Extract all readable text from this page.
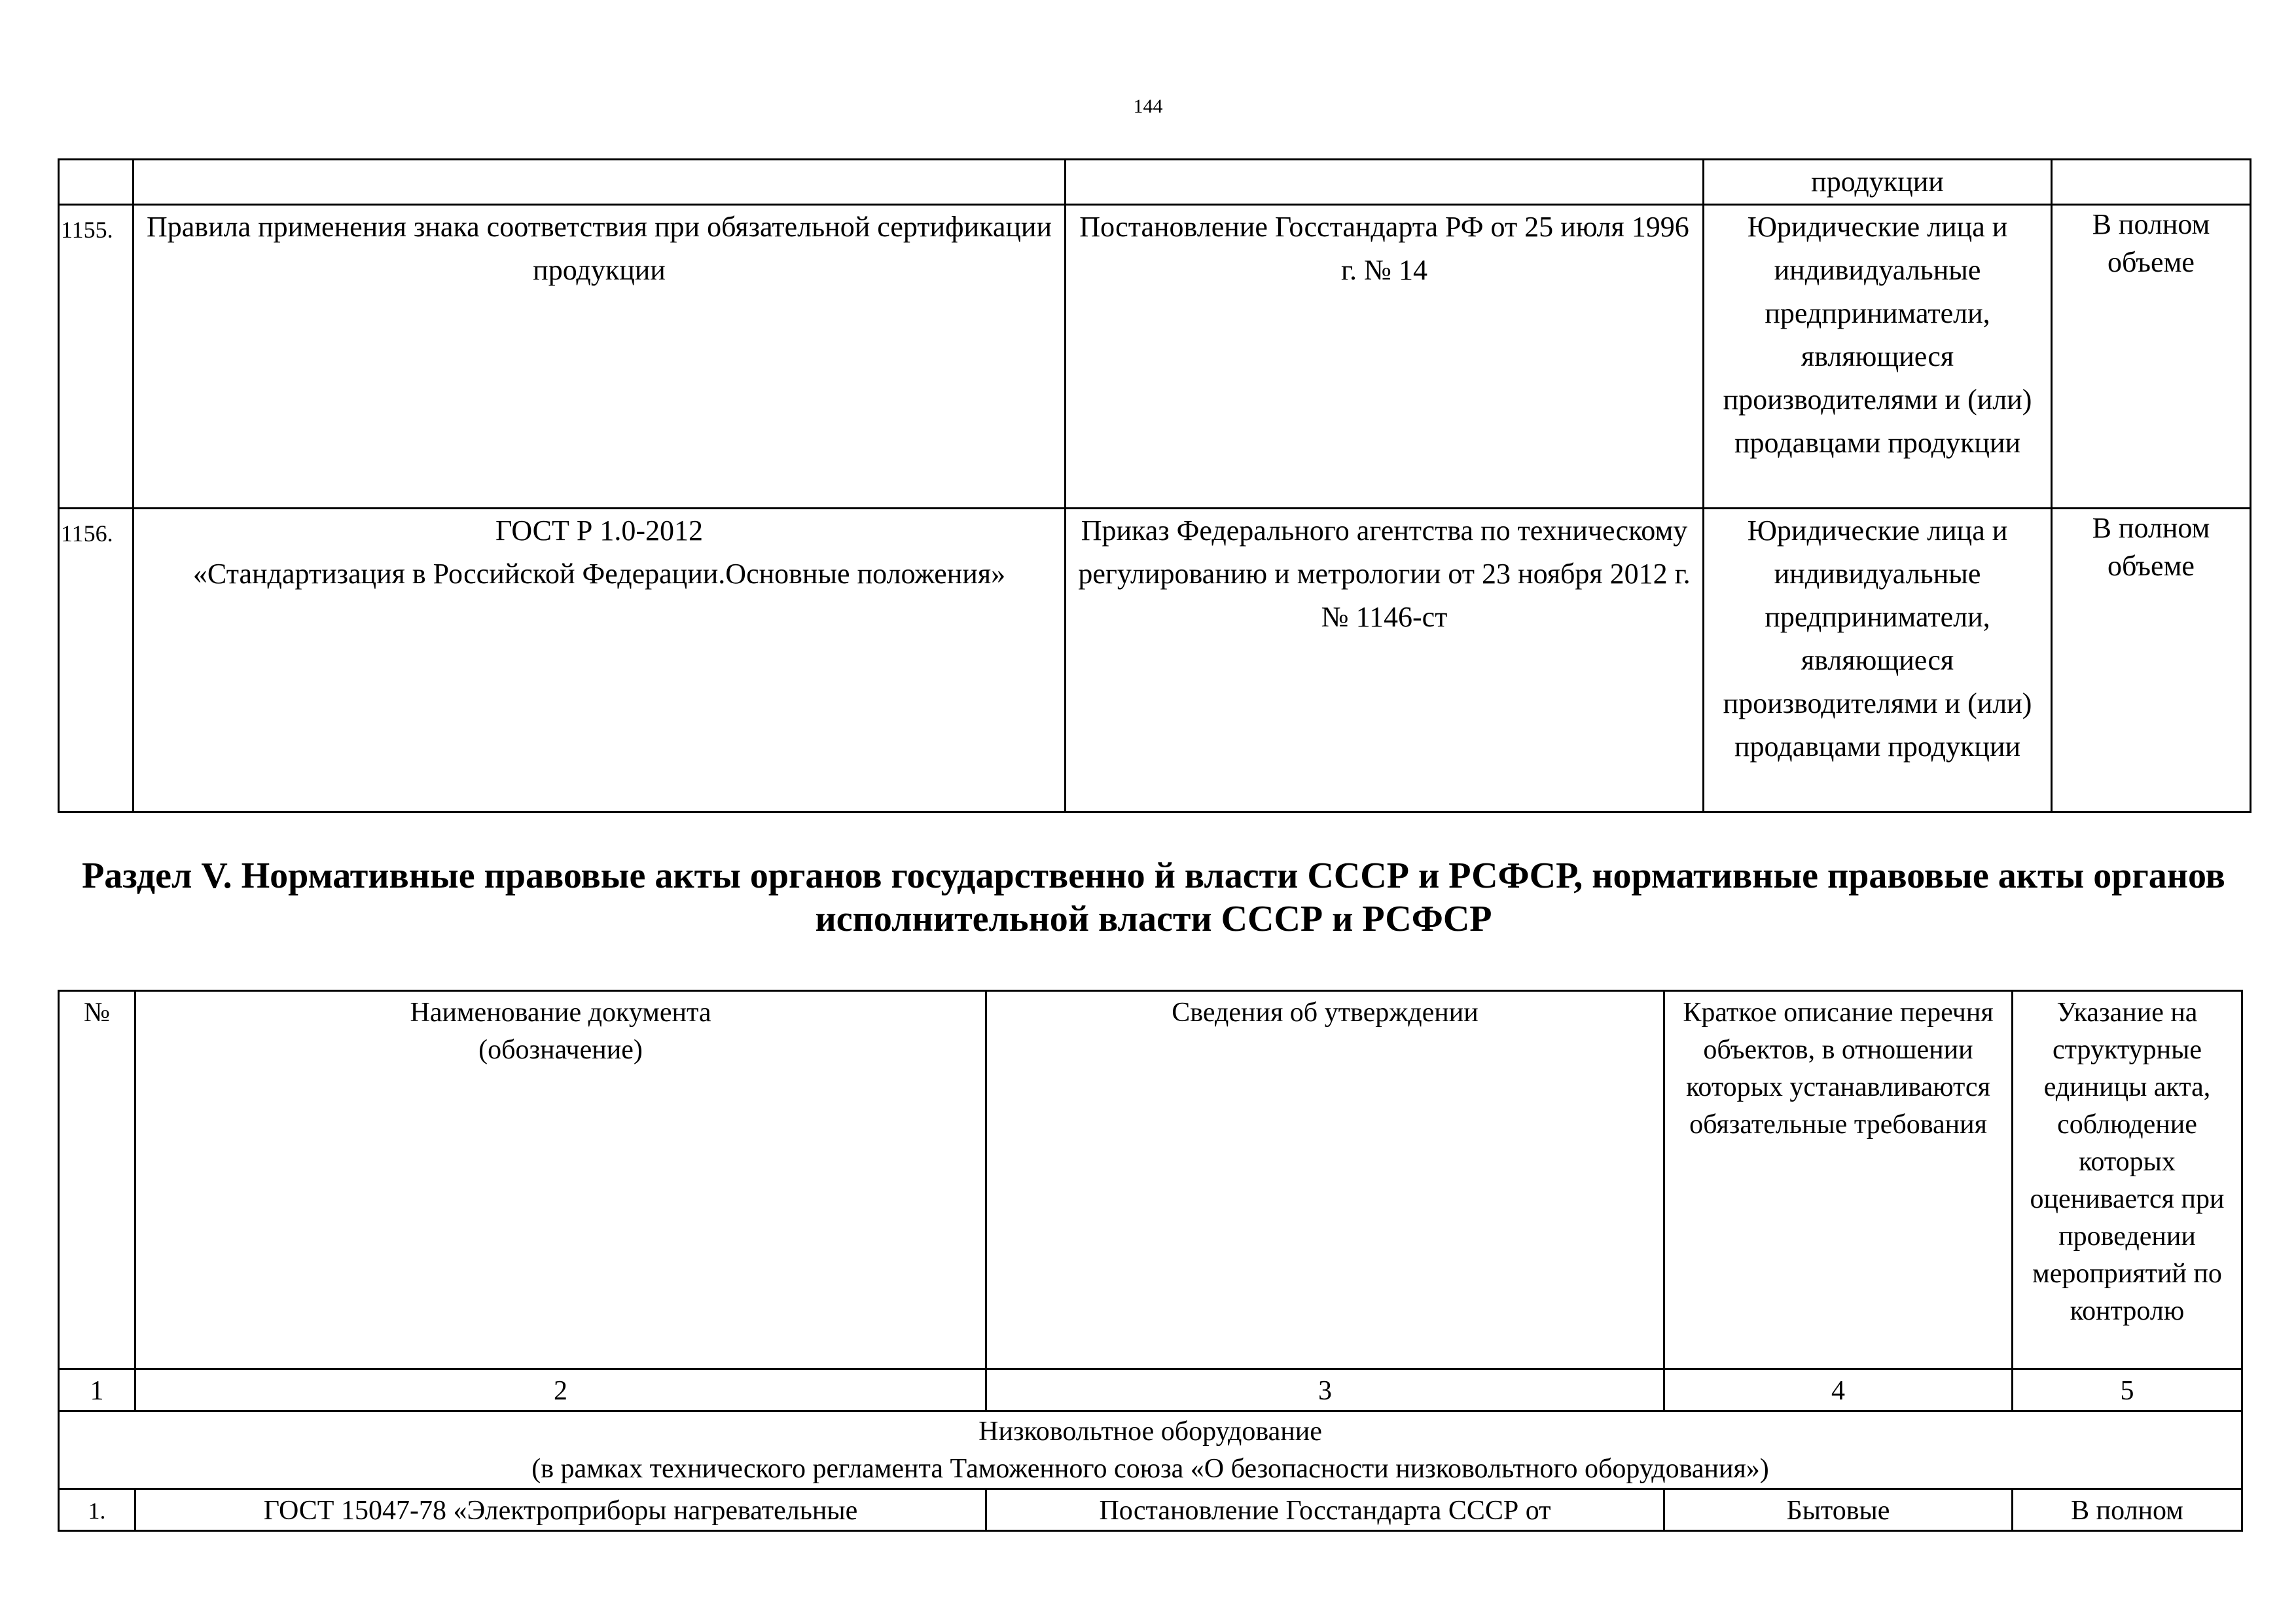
144
			продукции	
1155.	Правила применения знака соответствия при обязательной сертификации продукции	Постановление Госстандарта РФ от 25 июля 1996 г. № 14	Юридические лица и индивидуальные предприниматели, являющиеся производителями и (или) продавцами продукции	В полном объеме
1156.	ГОСТ Р 1.0-2012
«Стандартизация в Российской Федерации.Основные положения»	Приказ Федерального агентства по техническому регулированию и метрологии от 23 ноября 2012 г. № 1146-ст	Юридические лица и индивидуальные предприниматели, являющиеся производителями и (или) продавцами продукции	В полном объеме
Раздел V. Нормативные правовые акты органов государственно й власти СССР и РСФСР, нормативные правовые акты органов исполнительной власти СССР и РСФСР
№	Наименование документа
(обозначение)	Сведения об утверждении	Краткое описание перечня объектов, в отношении которых устанавливаются обязательные требования	Указание на структурные единицы акта, соблюдение которых оценивается при проведении мероприятий по контролю
1	2	3	4	5

Низковольтное оборудование
(в рамках технического регламента Таможенного союза «О безопасности низковольтного оборудования»)				

1.	ГОСТ 15047-78 «Электроприборы нагревательные	Постановление Госстандарта СССР от	Бытовые	В полном
